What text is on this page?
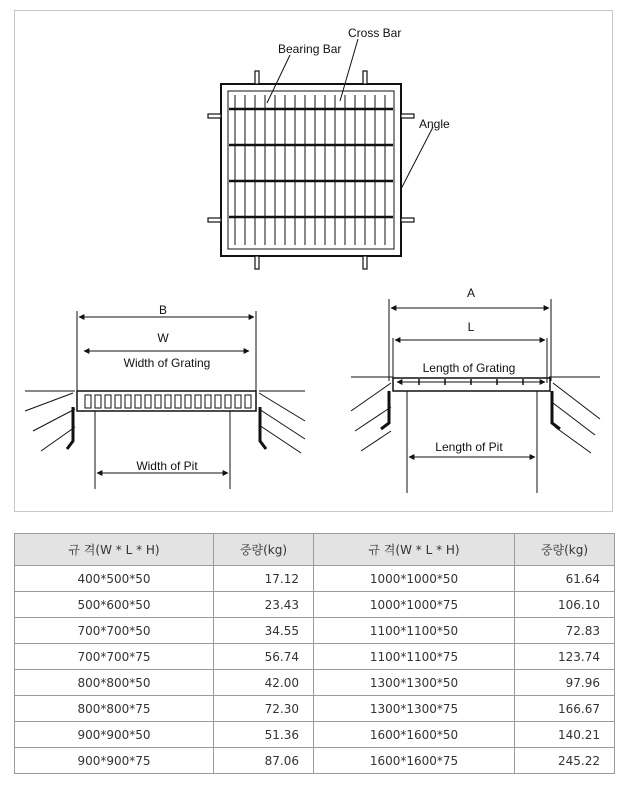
Cross Bar
Bearing Bar
Angle
B
W
Width of Grating
Width of Pit
A
L
Length of Grating
Length of Pit
규 격(W * L * H)	중량(kg)	규 격(W * L * H)	중량(kg)
400*500*50	17.12	1000*1000*50	61.64
500*600*50	23.43	1000*1000*75	106.10
700*700*50	34.55	1100*1100*50	72.83
700*700*75	56.74	1100*1100*75	123.74
800*800*50	42.00	1300*1300*50	97.96
800*800*75	72.30	1300*1300*75	166.67
900*900*50	51.36	1600*1600*50	140.21
900*900*75	87.06	1600*1600*75	245.22
